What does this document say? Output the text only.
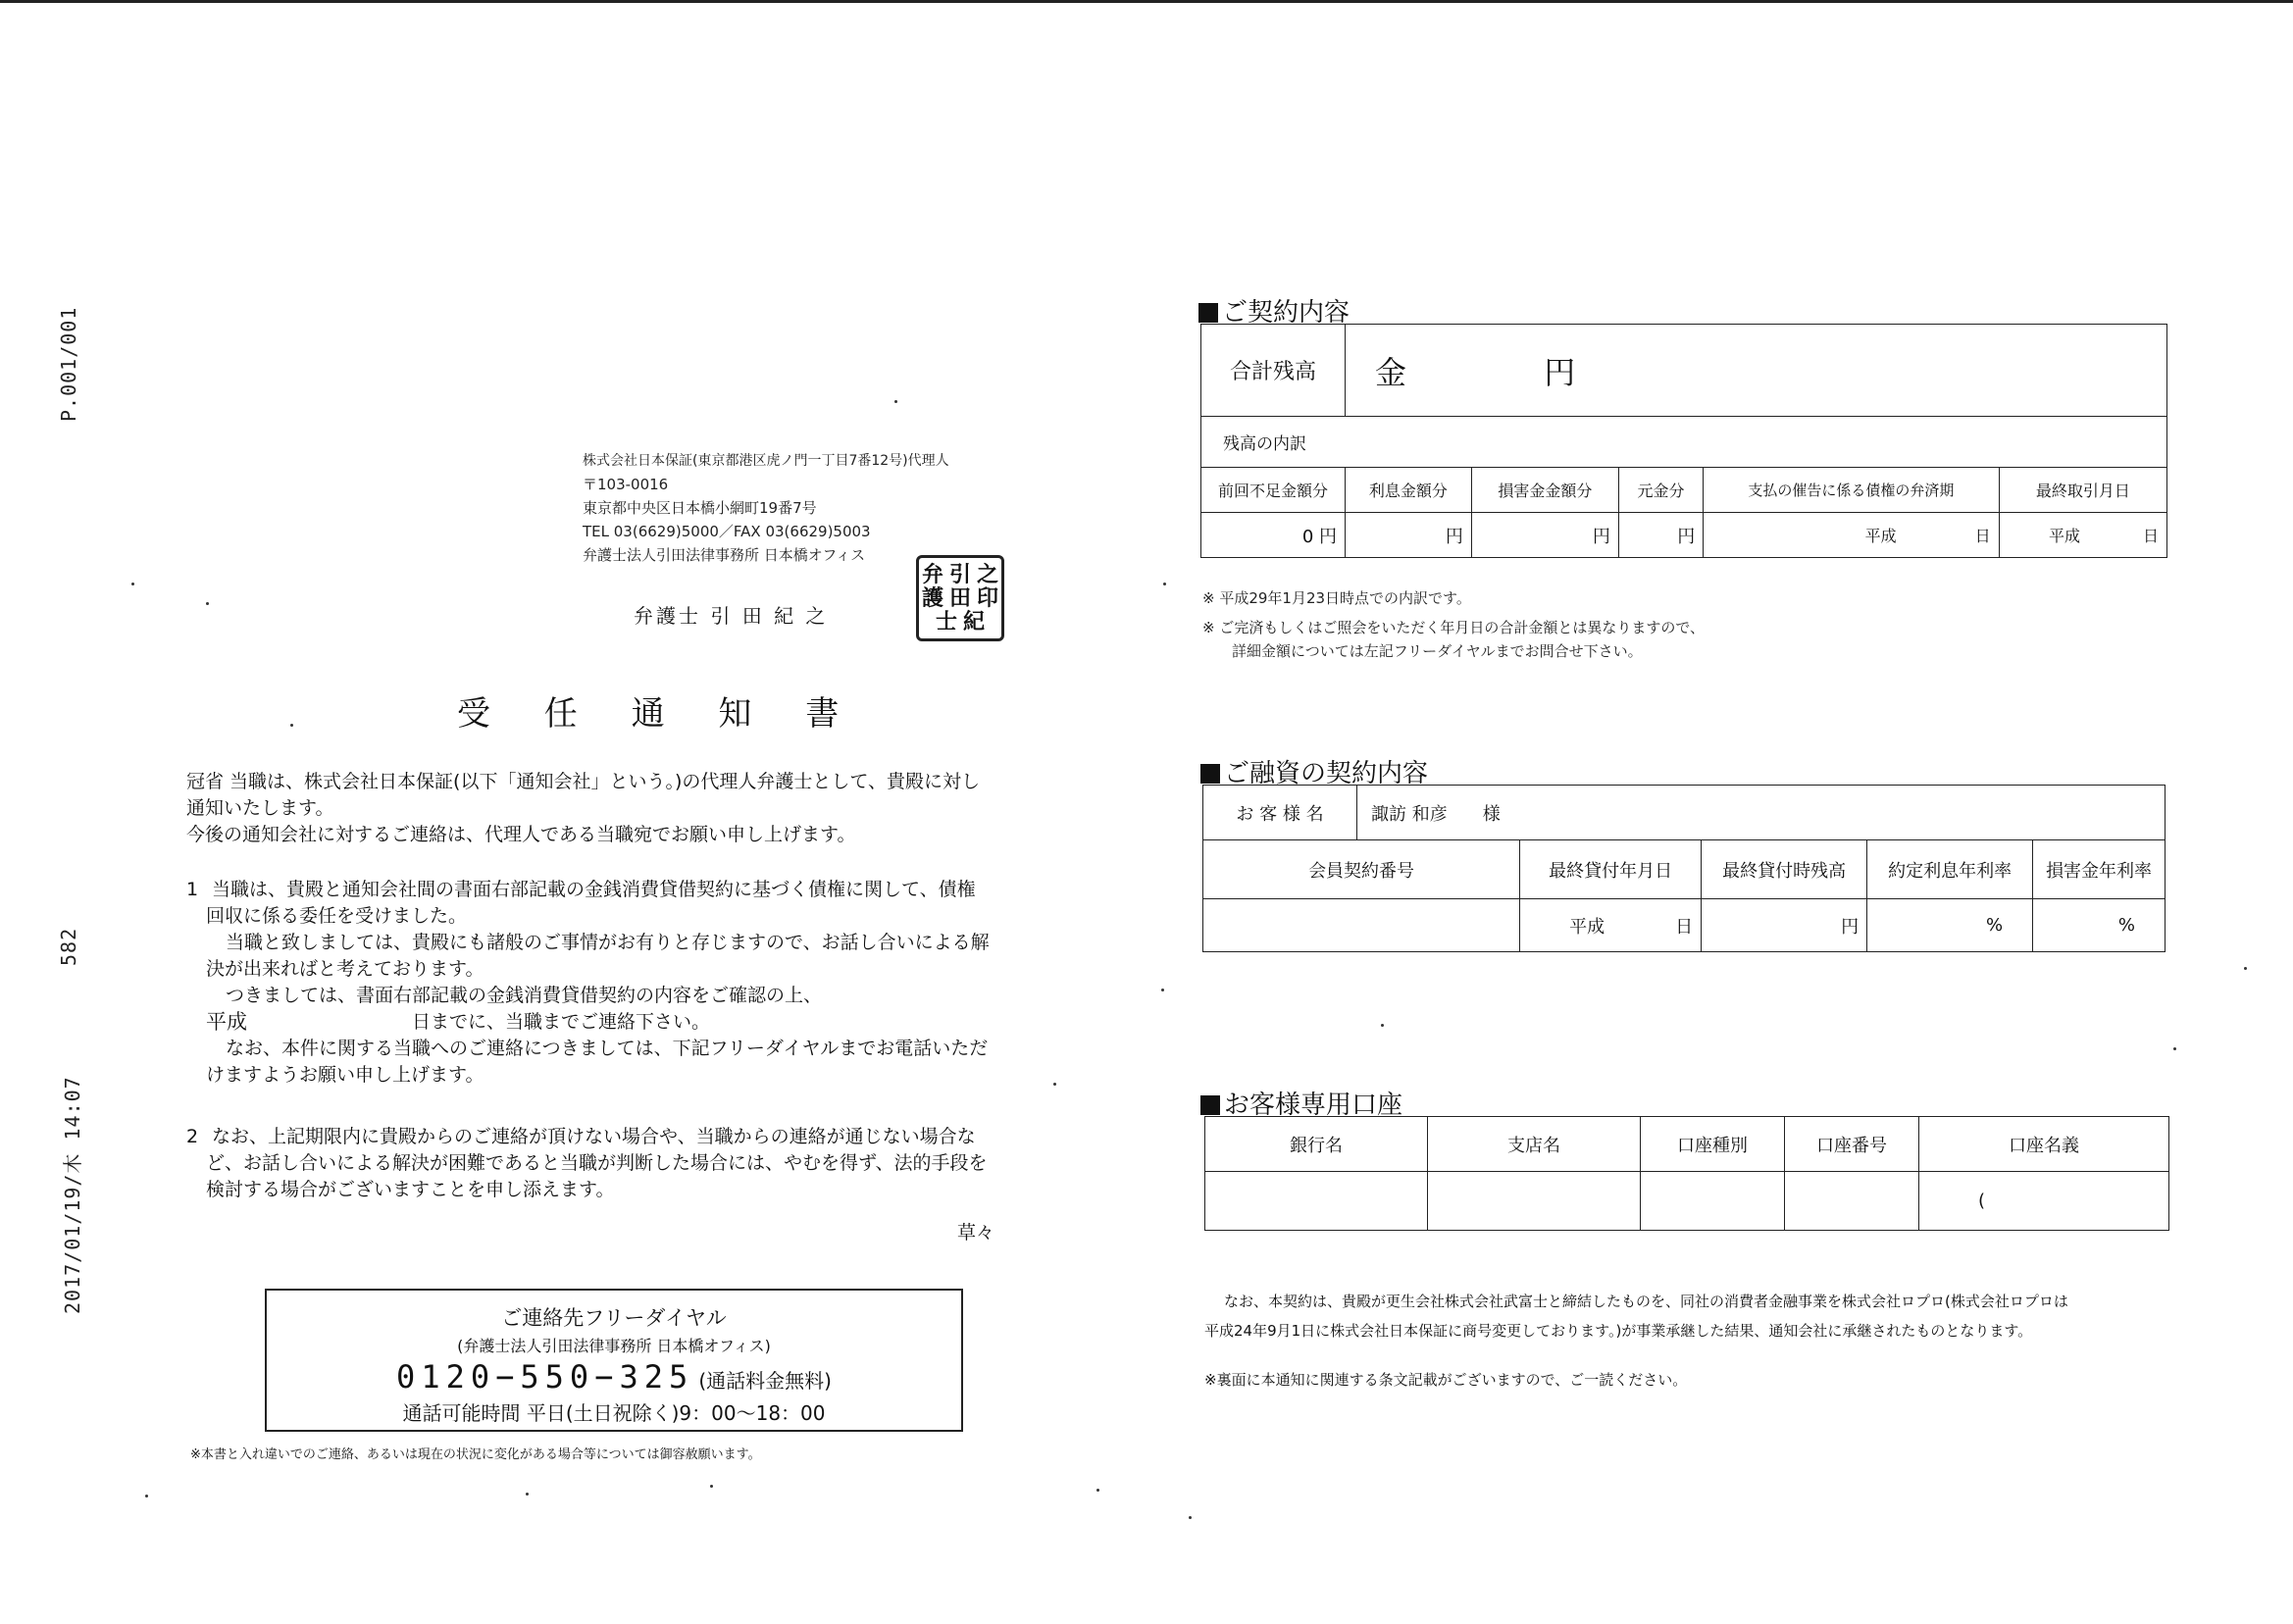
P.001/001
582
2017/01/19/木 14:07
株式会社日本保証(東京都港区虎ノ門一丁目7番12号)代理人
〒103-0016
東京都中央区日本橋小網町19番7号
TEL 03(6629)5000／FAX 03(6629)5003
弁護士法人引田法律事務所 日本橋オフィス
弁護士 引 田 紀 之
弁 引 之
護 田 印
士 紀
受 任 通 知 書
冠省 当職は、株式会社日本保証(以下「通知会社」という。)の代理人弁護士として、貴殿に対し
通知いたします。
今後の通知会社に対するご連絡は、代理人である当職宛でお願い申し上げます。
1 当職は、貴殿と通知会社間の書面右部記載の金銭消費貸借契約に基づく債権に関して、債権
回収に係る委任を受けました。
当職と致しましては、貴殿にも諸般のご事情がお有りと存じますので、お話し合いによる解
決が出来ればと考えております。
つきましては、書面右部記載の金銭消費貸借契約の内容をご確認の上、
平成	日までに、当職までご連絡下さい。
なお、本件に関する当職へのご連絡につきましては、下記フリーダイヤルまでお電話いただ
けますようお願い申し上げます。
2 なお、上記期限内に貴殿からのご連絡が頂けない場合や、当職からの連絡が通じない場合な
ど、お話し合いによる解決が困難であると当職が判断した場合には、やむを得ず、法的手段を
検討する場合がございますことを申し添えます。
草々
ご連絡先フリーダイヤル
(弁護士法人引田法律事務所 日本橋オフィス)
0120−550−325 (通話料金無料)
通話可能時間 平日(土日祝除く)9：00〜18：00
※本書と入れ違いでのご連絡、あるいは現在の状況に変化がある場合等については御容赦願います。
ご契約内容
合計残高	金 円				
残高の内訳					
前回不足金額分	利息金額分	損害金金額分	元金分	支払の催告に係る債権の弁済期	最終取引月日
0 円	円	円	円	平成　　　　　日	平成　　　　日
※ 平成29年1月23日時点での内訳です。
※ ご完済もしくはご照会をいただく年月日の合計金額とは異なりますので、
詳細金額については左記フリーダイヤルまでお問合せ下さい。
ご融資の契約内容
お 客 様 名	諏訪 和彦　　様				
会員契約番号		最終貸付年月日	最終貸付時残高	約定利息年利率	損害金年利率
		平成　　　　日	円	%	%
お客様専用口座
銀行名	支店名	口座種別	口座番号	口座名義
				(
なお、本契約は、貴殿が更生会社株式会社武富士と締結したものを、同社の消費者金融事業を株式会社ロプロ(株式会社ロプロは
平成24年9月1日に株式会社日本保証に商号変更しております。)が事業承継した結果、通知会社に承継されたものとなります。
※裏面に本通知に関連する条文記載がございますので、ご一読ください。
